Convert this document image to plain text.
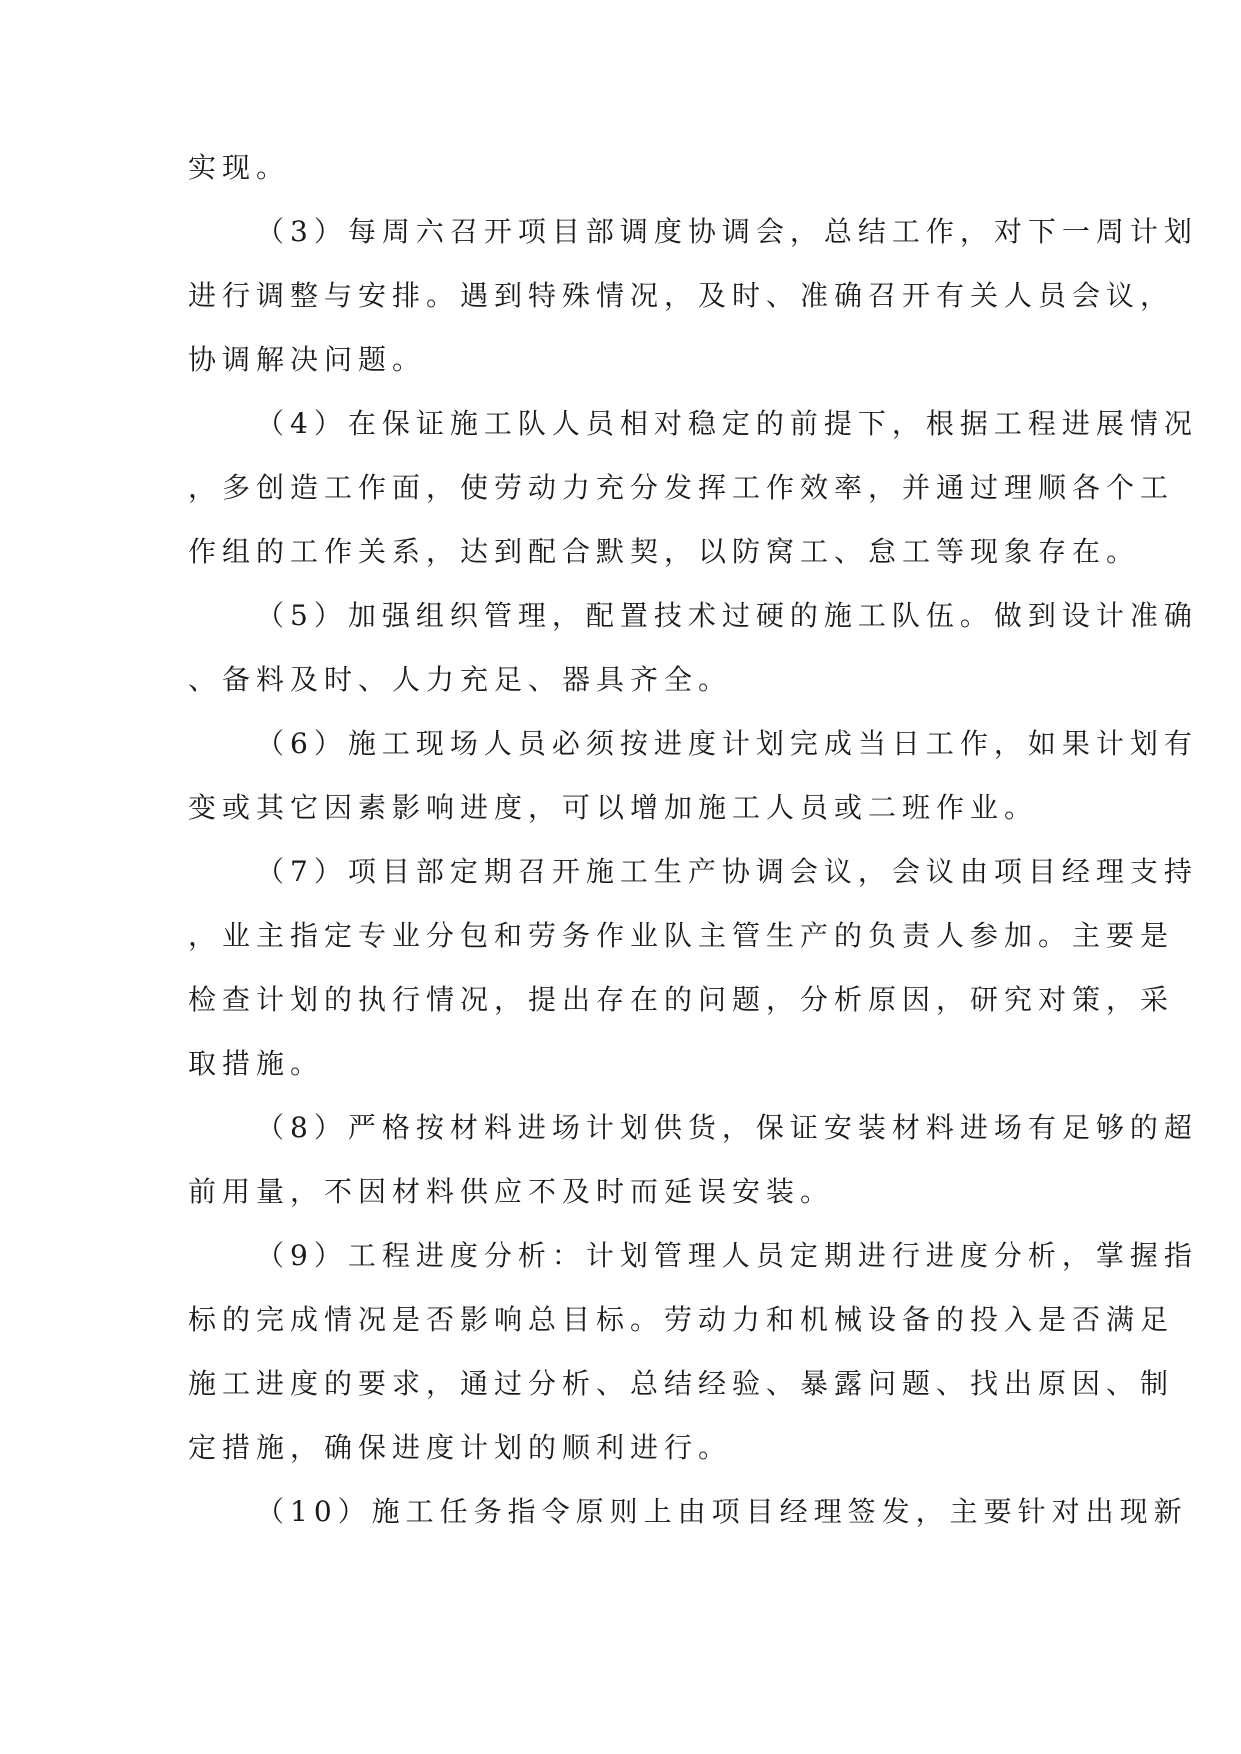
实现。
（3）每周六召开项目部调度协调会，总结工作，对下一周计划
进行调整与安排。遇到特殊情况，及时、准确召开有关人员会议，
协调解决问题。
（4）在保证施工队人员相对稳定的前提下，根据工程进展情况
，多创造工作面，使劳动力充分发挥工作效率，并通过理顺各个工
作组的工作关系，达到配合默契，以防窝工、怠工等现象存在。
（5）加强组织管理，配置技术过硬的施工队伍。做到设计准确
、备料及时、人力充足、器具齐全。
（6）施工现场人员必须按进度计划完成当日工作，如果计划有
变或其它因素影响进度，可以增加施工人员或二班作业。
（7）项目部定期召开施工生产协调会议，会议由项目经理支持
，业主指定专业分包和劳务作业队主管生产的负责人参加。主要是
检查计划的执行情况，提出存在的问题，分析原因，研究对策，采
取措施。
（8）严格按材料进场计划供货，保证安装材料进场有足够的超
前用量，不因材料供应不及时而延误安装。
（9）工程进度分析：计划管理人员定期进行进度分析，掌握指
标的完成情况是否影响总目标。劳动力和机械设备的投入是否满足
施工进度的要求，通过分析、总结经验、暴露问题、找出原因、制
定措施，确保进度计划的顺利进行。
（10）施工任务指令原则上由项目经理签发，主要针对出现新
